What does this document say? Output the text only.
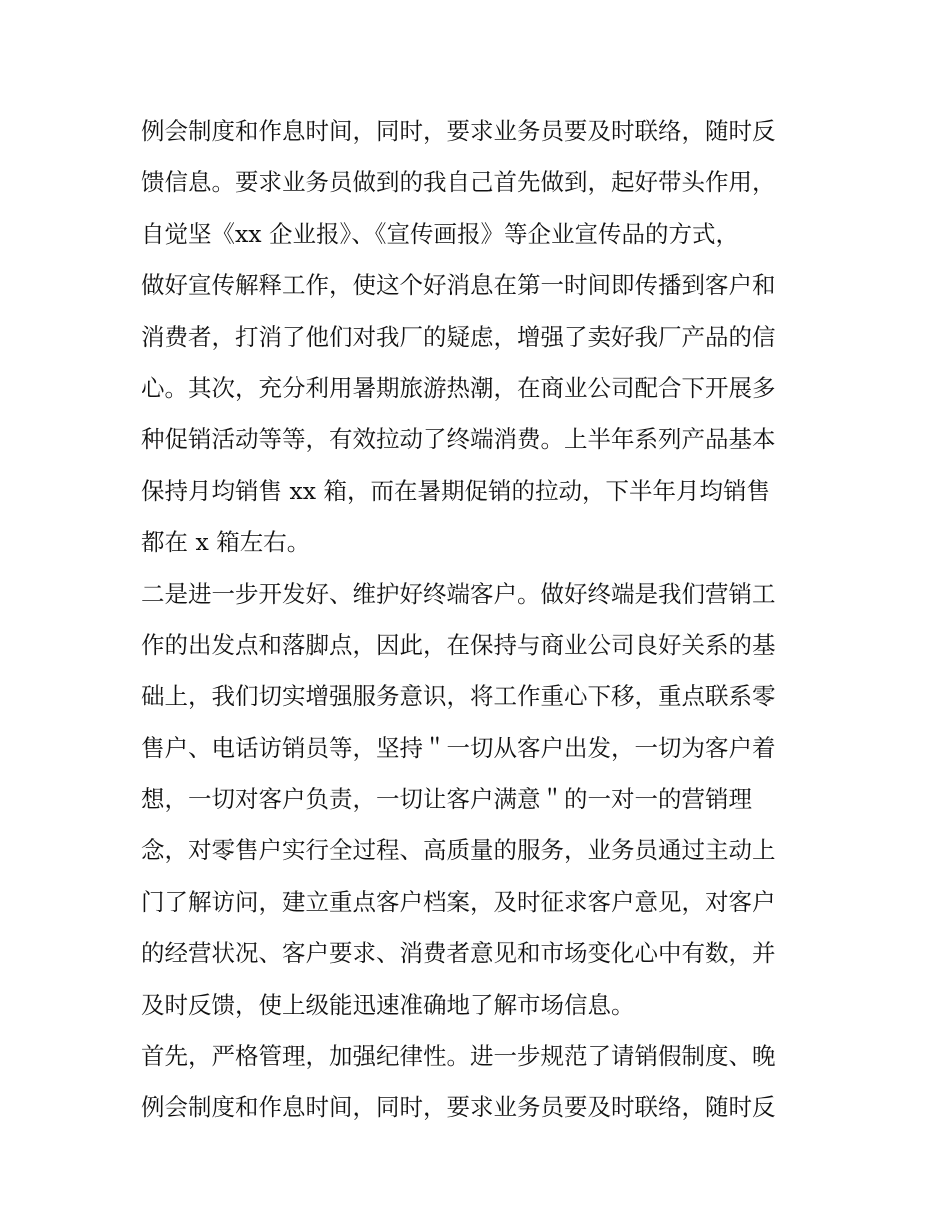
例会制度和作息时间，同时，要求业务员要及时联络，随时反
馈信息。要求业务员做到的我自己首先做到，起好带头作用，
自觉坚《xx 企业报》、《宣传画报》等企业宣传品的方式，
做好宣传解释工作，使这个好消息在第一时间即传播到客户和
消费者，打消了他们对我厂的疑虑，增强了卖好我厂产品的信
心。其次，充分利用暑期旅游热潮，在商业公司配合下开展多
种促销活动等等，有效拉动了终端消费。上半年系列产品基本
保持月均销售 xx 箱，而在暑期促销的拉动，下半年月均销售
都在 x 箱左右。
二是进一步开发好、维护好终端客户。做好终端是我们营销工
作的出发点和落脚点，因此，在保持与商业公司良好关系的基
础上，我们切实增强服务意识，将工作重心下移，重点联系零
售户、电话访销员等，坚持＂一切从客户出发，一切为客户着
想，一切对客户负责，一切让客户满意＂的一对一的营销理
念，对零售户实行全过程、高质量的服务，业务员通过主动上
门了解访问，建立重点客户档案，及时征求客户意见，对客户
的经营状况、客户要求、消费者意见和市场变化心中有数，并
及时反馈，使上级能迅速准确地了解市场信息。
首先，严格管理，加强纪律性。进一步规范了请销假制度、晚
例会制度和作息时间，同时，要求业务员要及时联络，随时反
